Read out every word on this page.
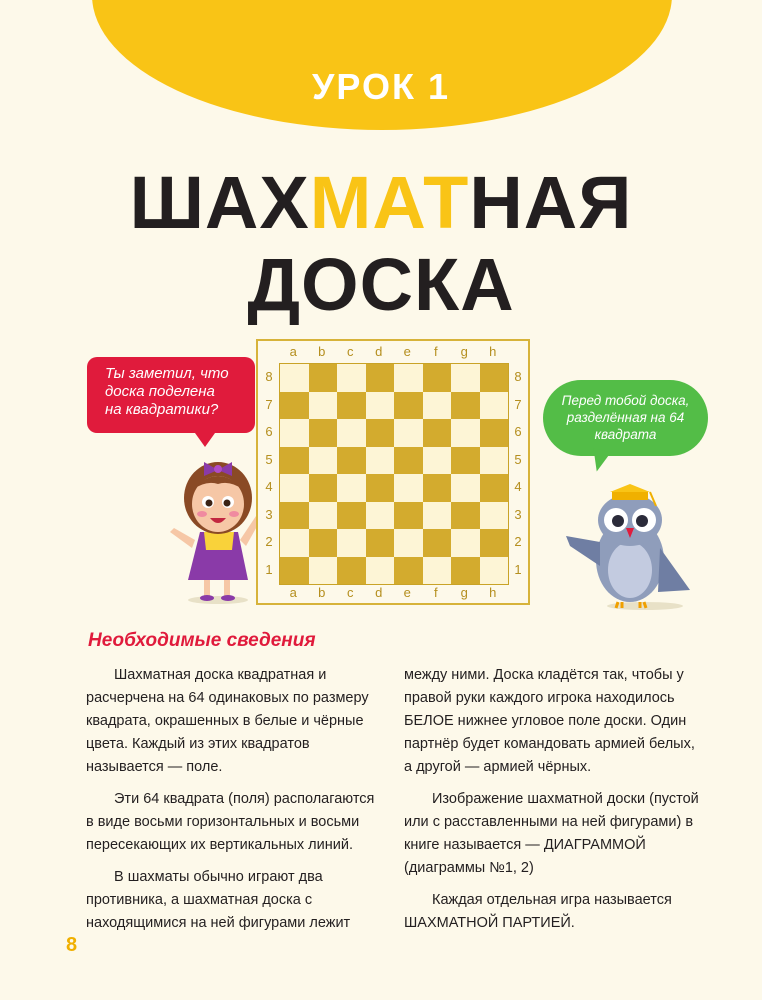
УРОК 1
ШАХМАТНАЯ
ДОСКА
Ты заметил, что
доска поделена
на квадратики?
a	b	c	d	e	f	g	h
8
7
6
5
4
3
2
1
8
7
6
5
4
3
2
1
a	b	c	d	e	f	g	h
Перед тобой доска,
разделённая на 64
квадрата
Необходимые сведения

Шахматная доска квадратная и расчерчена на 64 одинаковых по размеру квадрата, окрашенных в белые и чёрные цвета. Каждый из этих квадратов называется — поле.

Эти 64 квадрата (поля) располагаются в виде восьми горизонтальных и восьми пересекающих их вертикальных линий.

В шахматы обычно играют два противника, а шахматная доска с находящимися на ней фигурами лежит

между ними. Доска кладётся так, чтобы у правой руки каждого игрока находилось БЕЛОЕ нижнее угловое поле доски. Один партнёр будет командовать армией белых, а другой — армией чёрных.

Изображение шахматной доски (пустой или с расставленными на ней фигурами) в книге называется — ДИАГРАММОЙ (диаграммы №1, 2)

Каждая отдельная игра называется ШАХМАТНОЙ ПАРТИЕЙ.

8
